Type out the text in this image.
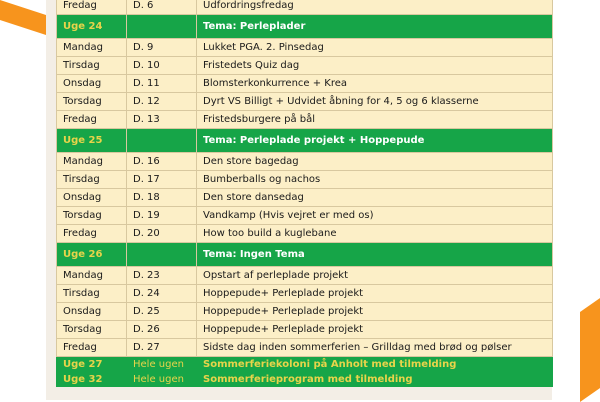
Fredag	D. 6	Udfordringsfredag
Uge 24		Tema: Perleplader
Mandag	D. 9	Lukket PGA. 2. Pinsedag
Tirsdag	D. 10	Fristedets Quiz dag
Onsdag	D. 11	Blomsterkonkurrence + Krea
Torsdag	D. 12	Dyrt VS Billigt + Udvidet åbning for 4, 5 og 6 klasserne
Fredag	D. 13	Fristedsburgere på bål
Uge 25		Tema: Perleplade projekt + Hoppepude
Mandag	D. 16	Den store bagedag
Tirsdag	D. 17	Bumberballs og nachos
Onsdag	D. 18	Den store dansedag
Torsdag	D. 19	Vandkamp (Hvis vejret er med os)
Fredag	D. 20	How too build a kuglebane
Uge 26		Tema: Ingen Tema
Mandag	D. 23	Opstart af perleplade projekt
Tirsdag	D. 24	Hoppepude+ Perleplade projekt
Onsdag	D. 25	Hoppepude+ Perleplade projekt
Torsdag	D. 26	Hoppepude+ Perleplade projekt
Fredag	D. 27	Sidste dag inden sommerferien – Grilldag med brød og pølser
Uge 27	Hele ugen	Sommerferiekoloni på Anholt med tilmelding
Uge 32	Hele ugen	Sommerferieprogram med tilmelding
